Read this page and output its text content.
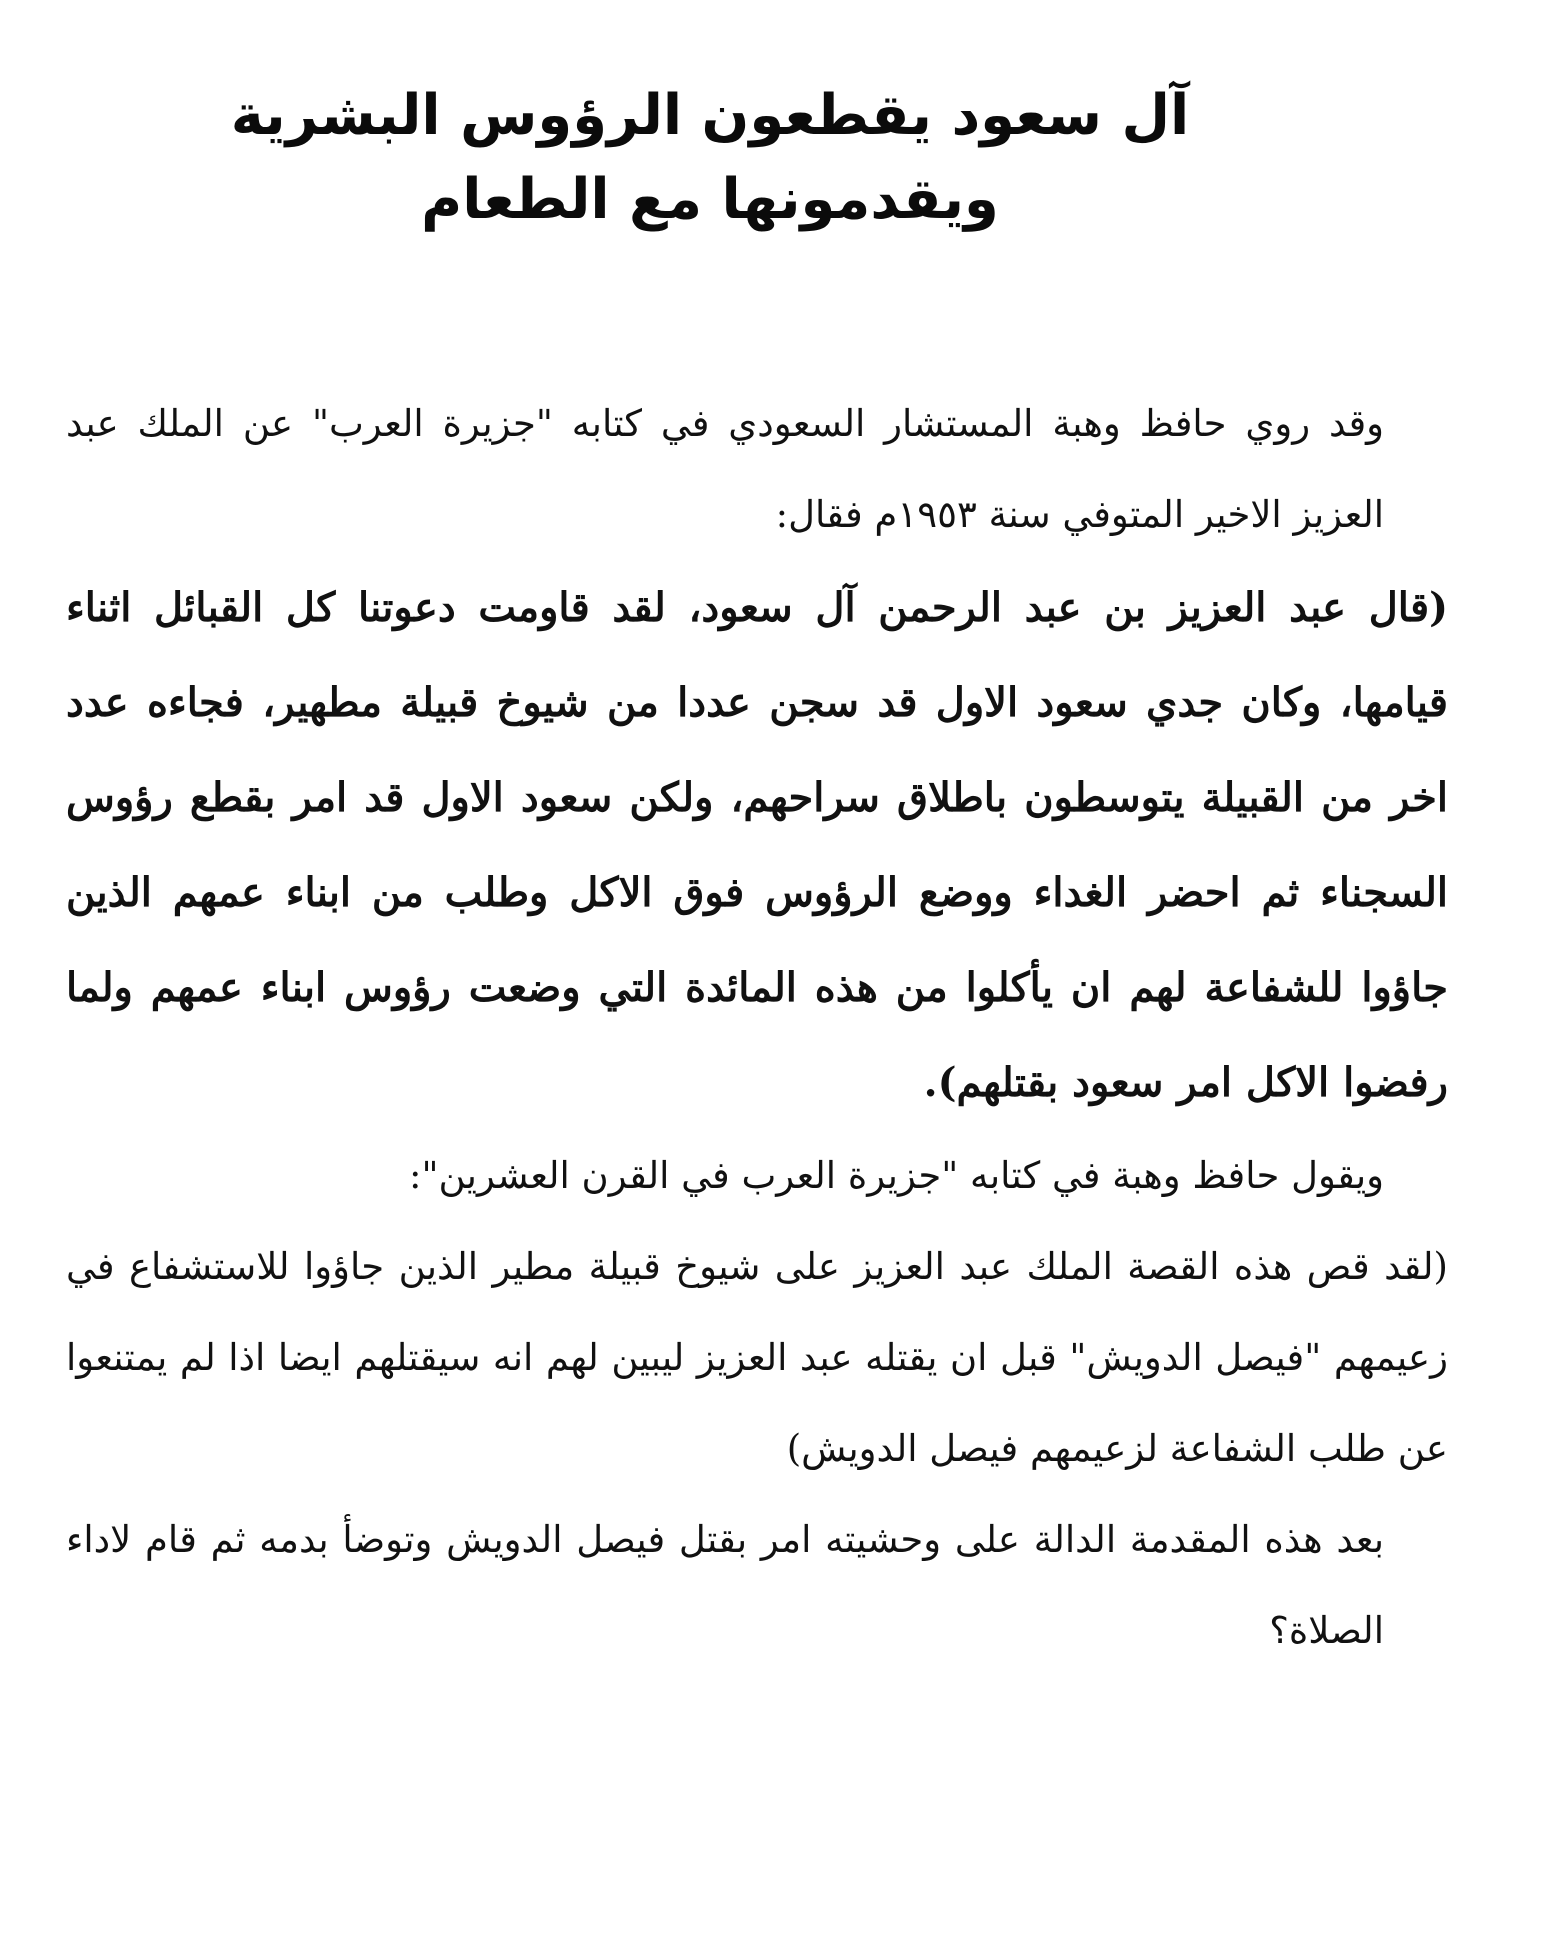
آل سعود يقطعون الرؤوس البشرية
ويقدمونها مع الطعام

وقد روي حافظ وهبة المستشار السعودي في كتابه "جزيرة العرب" عن الملك عبد العزيز الاخير المتوفي سنة ١٩٥٣م فقال:

(قال عبد العزيز بن عبد الرحمن آل سعود، لقد قاومت دعوتنا كل القبائل اثناء قيامها، وكان جدي سعود الاول قد سجن عددا من شيوخ قبيلة مطهير، فجاءه عدد اخر من القبيلة يتوسطون باطلاق سراحهم، ولكن سعود الاول قد امر بقطع رؤوس السجناء ثم احضر الغداء ووضع الرؤوس فوق الاكل وطلب من ابناء عمهم الذين جاؤوا للشفاعة لهم ان يأكلوا من هذه المائدة التي وضعت رؤوس ابناء عمهم ولما رفضوا الاكل امر سعود بقتلهم).

ويقول حافظ وهبة في كتابه "جزيرة العرب في القرن العشرين":

(لقد قص هذه القصة الملك عبد العزيز على شيوخ قبيلة مطير الذين جاؤوا للاستشفاع في زعيمهم "فيصل الدويش" قبل ان يقتله عبد العزيز ليبين لهم انه سيقتلهم ايضا اذا لم يمتنعوا عن طلب الشفاعة لزعيمهم فيصل الدويش)

بعد هذه المقدمة الدالة على وحشيته امر بقتل فيصل الدويش وتوضأ بدمه ثم قام لاداء الصلاة؟
